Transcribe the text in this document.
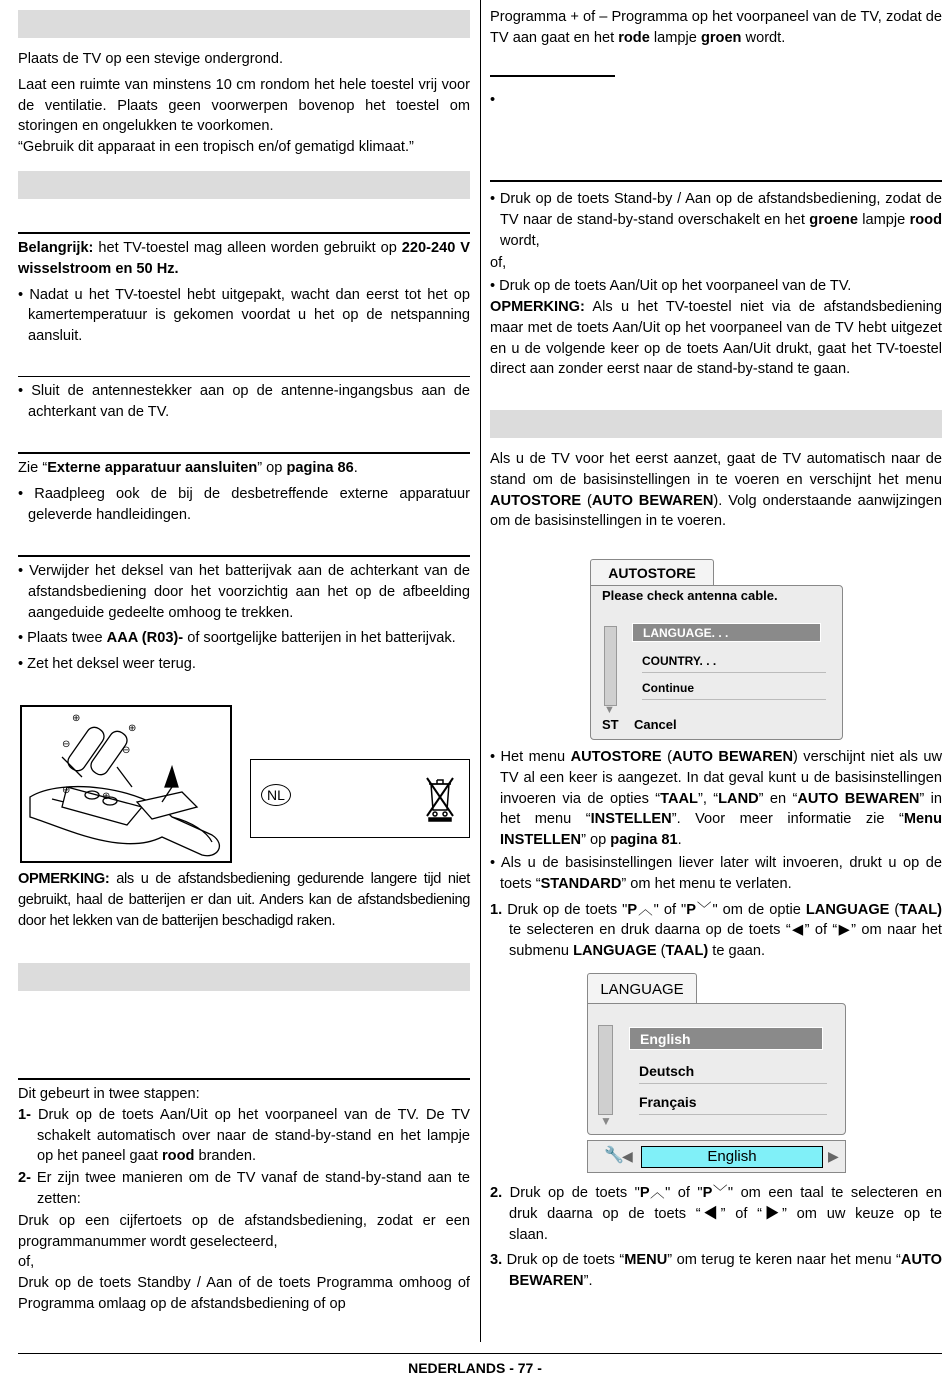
Plaats de TV op een stevige ondergrond.

Laat een ruimte van minstens 10 cm rondom het hele toestel vrij voor de ventilatie. Plaats geen voorwerpen bovenop het toestel om storingen en ongelukken te voorkomen.

“Gebruik dit apparaat in een tropisch en/of gematigd klimaat.”

Belangrijk: het TV-toestel mag alleen worden gebruikt op 220-240 V wisselstroom en 50 Hz.

• Nadat u het TV-toestel hebt uitgepakt, wacht dan eerst tot het op kamertemperatuur is gekomen voordat u het op de netspanning aansluit.

• Sluit de antennestekker aan op de antenne-ingangsbus aan de achterkant van de TV.

Zie “Externe apparatuur aansluiten” op pagina 86.

• Raadpleeg ook de bij de desbetreffende externe apparatuur geleverde handleidingen.

• Verwijder het deksel van het batterijvak aan de achterkant van de afstandsbediening door het voorzichtig aan het op de afbeelding aangeduide gedeelte omhoog te trekken.

• Plaats twee AAA (R03)- of soortgelijke batterijen in het batterijvak.

• Zet het deksel weer terug.

⊕
⊕
⊖
⊖
⊖
⊕	NL

OPMERKING: als u de afstandsbediening gedurende langere tijd niet gebruikt, haal de batterijen er dan uit. Anders kan de afstandsbediening door het lekken van de batterijen beschadigd raken.

Dit gebeurt in twee stappen:

1- Druk op de toets Aan/Uit op het voorpaneel van de TV. De TV schakelt automatisch over naar de stand-by-stand en het lampje op het paneel gaat rood branden.

2- Er zijn twee manieren om de TV vanaf de stand-by-stand aan te zetten:

Druk op een cijfertoets op de afstandsbediening, zodat er een programmanummer wordt geselecteerd,

of,

Druk op de toets Standby / Aan of de toets Programma omhoog of Programma omlaag op de afstandsbediening of op

Programma + of – Programma op het voorpaneel van de TV, zodat de TV aan gaat en het rode lampje groen wordt.

•

• Druk op de toets Stand-by / Aan op de afstandsbediening, zodat de TV naar de stand-by-stand overschakelt en het groene lampje rood wordt,

of,

• Druk op de toets Aan/Uit op het voorpaneel van de TV.

OPMERKING: Als u het TV-toestel niet via de afstandsbediening maar met de toets Aan/Uit op het voorpaneel van de TV hebt uitgezet en u de volgende keer op de toets Aan/Uit drukt, gaat het TV-toestel direct aan zonder eerst naar de stand-by-stand te gaan.

Als u de TV voor het eerst aanzet, gaat de TV automatisch naar de stand om de basisinstellingen in te voeren en verschijnt het menu AUTOSTORE (AUTO BEWAREN). Volg onderstaande aanwijzingen om de basisinstellingen in te voeren.

AUTOSTORE
Please check antenna cable.
▼
LANGUAGE. . .
COUNTRY. . .
Continue
ST Cancel

• Het menu AUTOSTORE (AUTO BEWAREN) verschijnt niet als uw TV al een keer is aangezet. In dat geval kunt u de basisinstellingen invoeren via de opties “TAAL”, “LAND” en “AUTO BEWAREN” in het menu “INSTELLEN”. Voor meer informatie zie “Menu INSTELLEN” op pagina 81.

• Als u de basisinstellingen liever later wilt invoeren, drukt u op de toets “STANDARD” om het menu te verlaten.

1. Druk op de toets "P︿" of "P﹀" om de optie LANGUAGE (TAAL) te selecteren en druk daarna op de toets “◀” of “▶” om naar het submenu LANGUAGE (TAAL) te gaan.

LANGUAGE
▼
English
Deutsch
Français
🔧
◀	English	▶

2. Druk op de toets "P︿" of "P﹀" om een taal te selecteren en druk daarna op de toets “◀” of “▶” om uw keuze op te slaan.

3. Druk op de toets “MENU” om terug te keren naar het menu “AUTO BEWAREN”.

NEDERLANDS - 77 -
